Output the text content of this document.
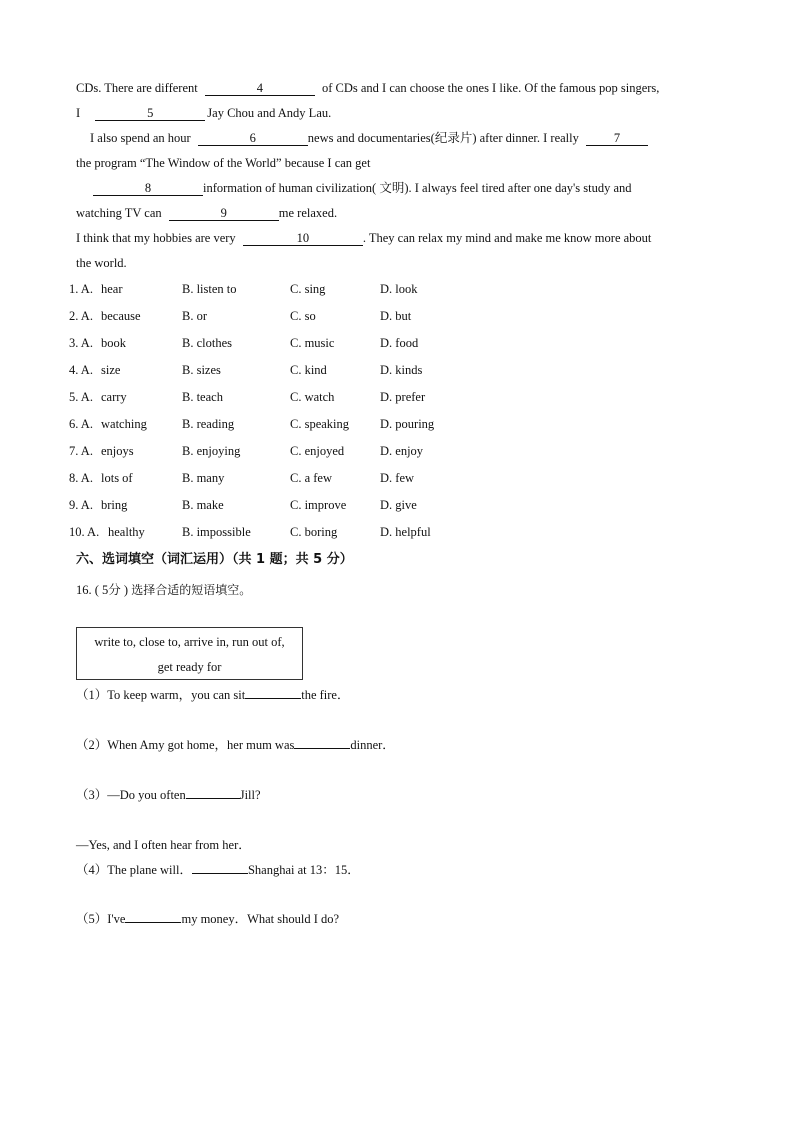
CDs. There are different	4	of CDs and I can choose the ones I like. Of the famous pop singers,
I	5	Jay Chou and Andy Lau.
I also spend an hour	6	news and documentaries(纪录片) after dinner. I really	7
the program “The Window of the World” because I can get
8	information of human civilization( 文明). I always feel tired after one day's study and
watching TV can	9	me relaxed.
I think that my hobbies are very	10	. They can relax my mind and make me know more about
the world.
1. A. hear	B. listen to	C. sing	D. look
2. A. because	B. or	C. so	D. but
3. A. book	B. clothes	C. music	D. food
4. A. size	B. sizes	C. kind	D. kinds
5. A. carry	B. teach	C. watch	D. prefer
6. A. watching	B. reading	C. speaking D. pouring
7. A. enjoys	B. enjoying	C. enjoyed	D. enjoy
8. A. lots of	B. many	C. a few	D. few
9. A. bring	B. make	C. improve	D. give
10. A. healthy	B. impossible	C. boring	D. helpful
六、选词填空（词汇运用）（共 1 题；共 5 分）
16. ( 5分 ) 选择合适的短语填空。
write to, close to, arrive in, run out of,
get ready for
（1）To keep warm，you can sit	the fire．
（2）When Amy got home，her mum was	dinner．
（3）—Do you often	Jill?
—Yes, and I often hear from her．
（4）The plane will．	Shanghai at 13：15．
（5）I've	my money．What should I do?
